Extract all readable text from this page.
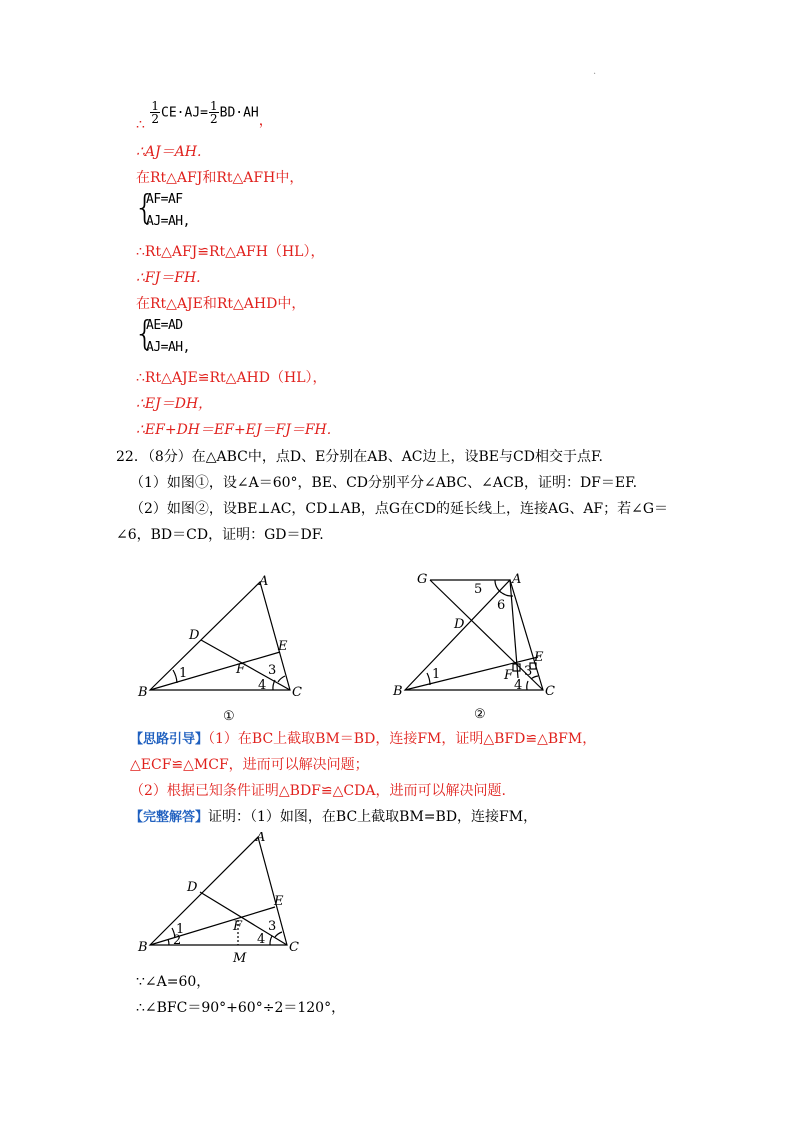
.
∴ $\frac{1}{2} CE\cdot AJ= \frac{1}{2} BD\cdot AH$，
∴AJ＝AH.
在Rt△AFJ和Rt△AFH中，
{
AF=AF
AJ=AH,
∴Rt△AFJ≌Rt△AFH（HL），
∴FJ＝FH.
在Rt△AJE和Rt△AHD中，
{
AE=AD
AJ=AH,
∴Rt△AJE≌Rt△AHD（HL），
∴EJ＝DH，
∴EF+DH＝EF+EJ＝FJ＝FH.
22．（8分）在△ABC中，点D、E分别在AB、AC边上，设BE与CD相交于点F.
（1）如图①，设∠A＝60°，BE、CD分别平分∠ABC、∠ACB，证明：DF＝EF.
（2）如图②，设BE⊥AC，CD⊥AB，点G在CD的延长线上，连接AG、AF；若∠G＝
∠6，BD＝CD，证明：GD＝DF.
A
B	C
D
E
F
1	3
4
①
G	A
B	C
D
E
F
5
6
1	3
4
②
【思路引导】（1）在BC上截取BM＝BD，连接FM，证明△BFD≌△BFM，
△ECF≌△MCF，进而可以解决问题；
（2）根据已知条件证明△BDF≌△CDA，进而可以解决问题.
【完整解答】证明：（1）如图，在BC上截取BM=BD，连接FM，
A
B	C
D
E
F
M
1
2
3
4
∵∠A=60，
∴∠BFC＝90°+60°÷2＝120°，
